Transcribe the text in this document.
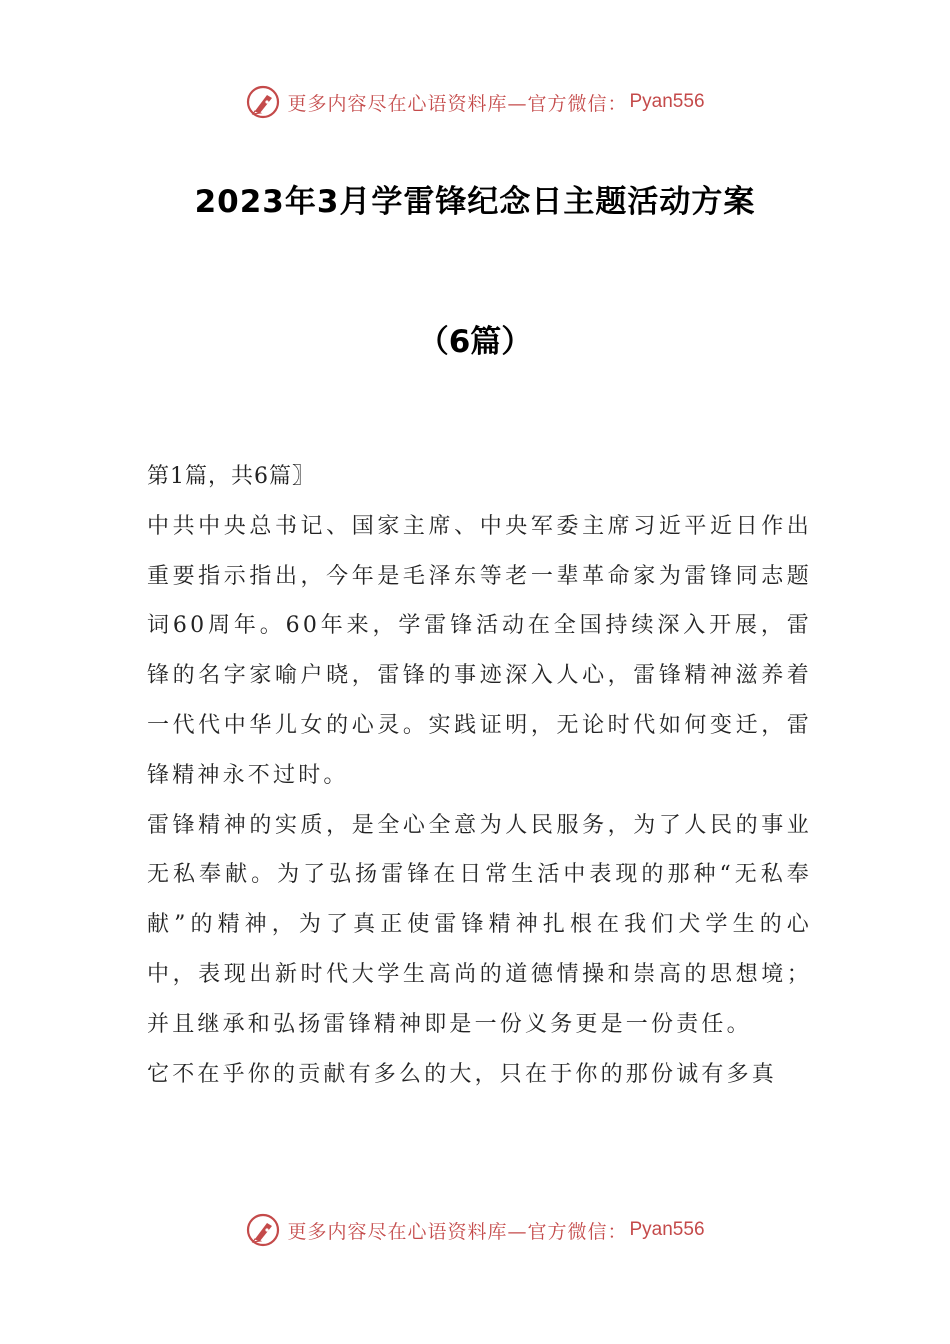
更多内容尽在心语资料库—官方微信： Pyan556
2023年3月学雷锋纪念日主题活动方案
（6篇）

第1篇，共6篇〗

中共中央总书记、国家主席、中央军委主席习近平近日作出重要指示指出，今年是毛泽东等老一辈革命家为雷锋同志题词60周年。60年来，学雷锋活动在全国持续深入开展，雷锋的名字家喻户晓，雷锋的事迹深入人心，雷锋精神滋养着一代代中华儿女的心灵。实践证明，无论时代如何变迁，雷锋精神永不过时。

雷锋精神的实质，是全心全意为人民服务，为了人民的事业无私奉献。为了弘扬雷锋在日常生活中表现的那种“无私奉献”的精神，为了真正使雷锋精神扎根在我们犬学生的心中，表现出新时代大学生高尚的道德情操和崇高的思想境；并且继承和弘扬雷锋精神即是一份义务更是一份责任。

它不在乎你的贡献有多么的大，只在于你的那份诚有多真

更多内容尽在心语资料库—官方微信： Pyan556
